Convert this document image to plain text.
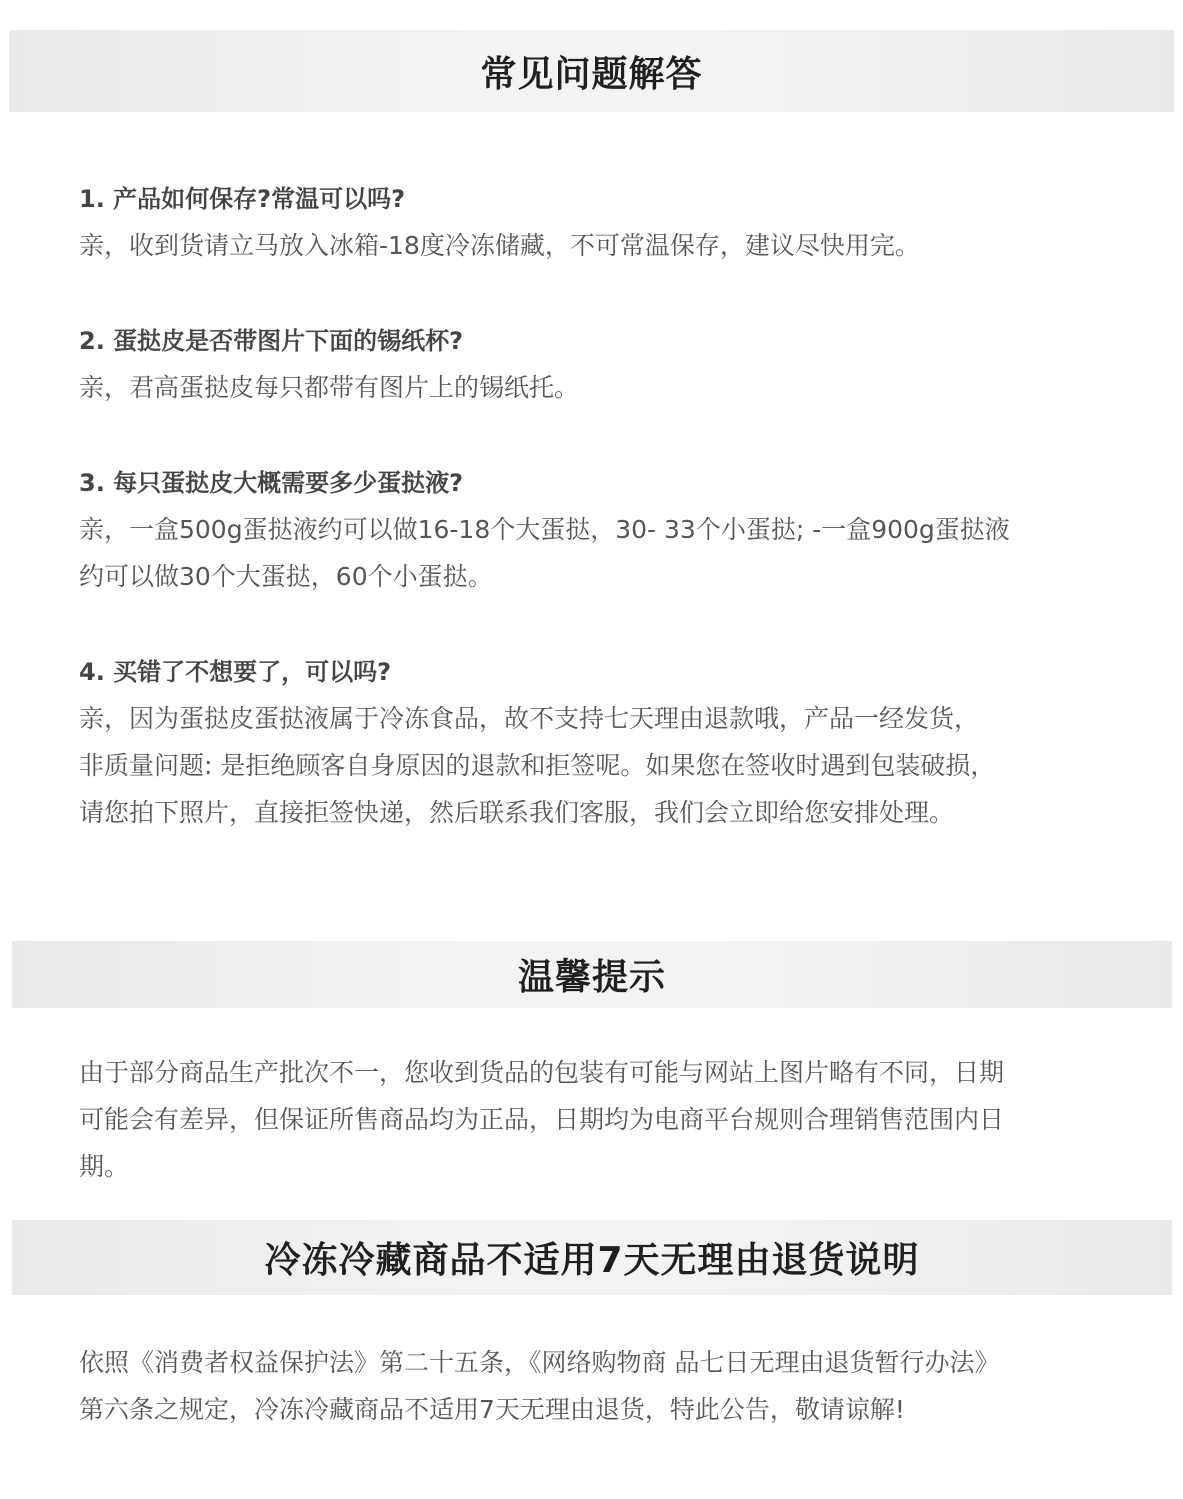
常见问题解答

1. 产品如何保存?常温可以吗?

亲，收到货请立马放入冰箱-18度冷冻储藏，不可常温保存，建议尽快用完。

2. 蛋挞皮是否带图片下面的锡纸杯?

亲，君高蛋挞皮每只都带有图片上的锡纸托。

3. 每只蛋挞皮大概需要多少蛋挞液?

亲，一盒500g蛋挞液约可以做16-18个大蛋挞，30- 33个小蛋挞; -一盒900g蛋挞液

约可以做30个大蛋挞，60个小蛋挞。

4. 买错了不想要了，可以吗?

亲，因为蛋挞皮蛋挞液属于冷冻食品，故不支持七天理由退款哦，产品一经发货，

非质量问题: 是拒绝顾客自身原因的退款和拒签呢。如果您在签收时遇到包装破损，

请您拍下照片，直接拒签快递，然后联系我们客服，我们会立即给您安排处理。

温馨提示

由于部分商品生产批次不一，您收到货品的包装有可能与网站上图片略有不同，日期

可能会有差异，但保证所售商品均为正品，日期均为电商平台规则合理销售范围内日

期。

冷冻冷藏商品不适用7天无理由退货说明

依照《消费者权益保护法》第二十五条，《网络购物商 品七日无理由退货暂行办法》

第六条之规定，冷冻冷藏商品不适用7天无理由退货，特此公告，敬请谅解!
